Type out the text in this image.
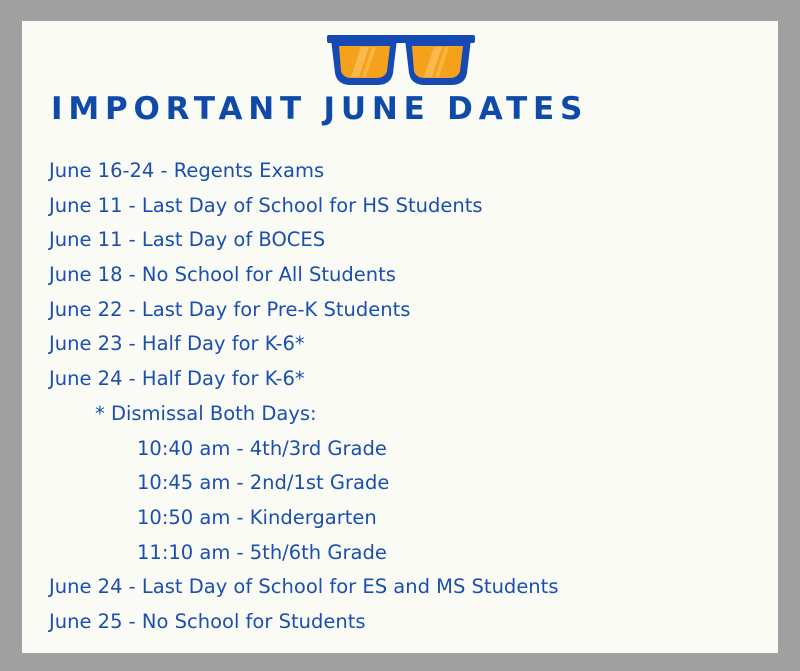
IMPORTANT JUNE DATES
June 16-24 - Regents Exams
June 11 - Last Day of School for HS Students
June 11 - Last Day of BOCES
June 18 - No School for All Students
June 22 - Last Day for Pre-K Students
June 23 - Half Day for K-6*
June 24 - Half Day for K-6*
* Dismissal Both Days:
10:40 am - 4th/3rd Grade
10:45 am - 2nd/1st Grade
10:50 am - Kindergarten
11:10 am - 5th/6th Grade
June 24 - Last Day of School for ES and MS Students
June 25 - No School for Students
